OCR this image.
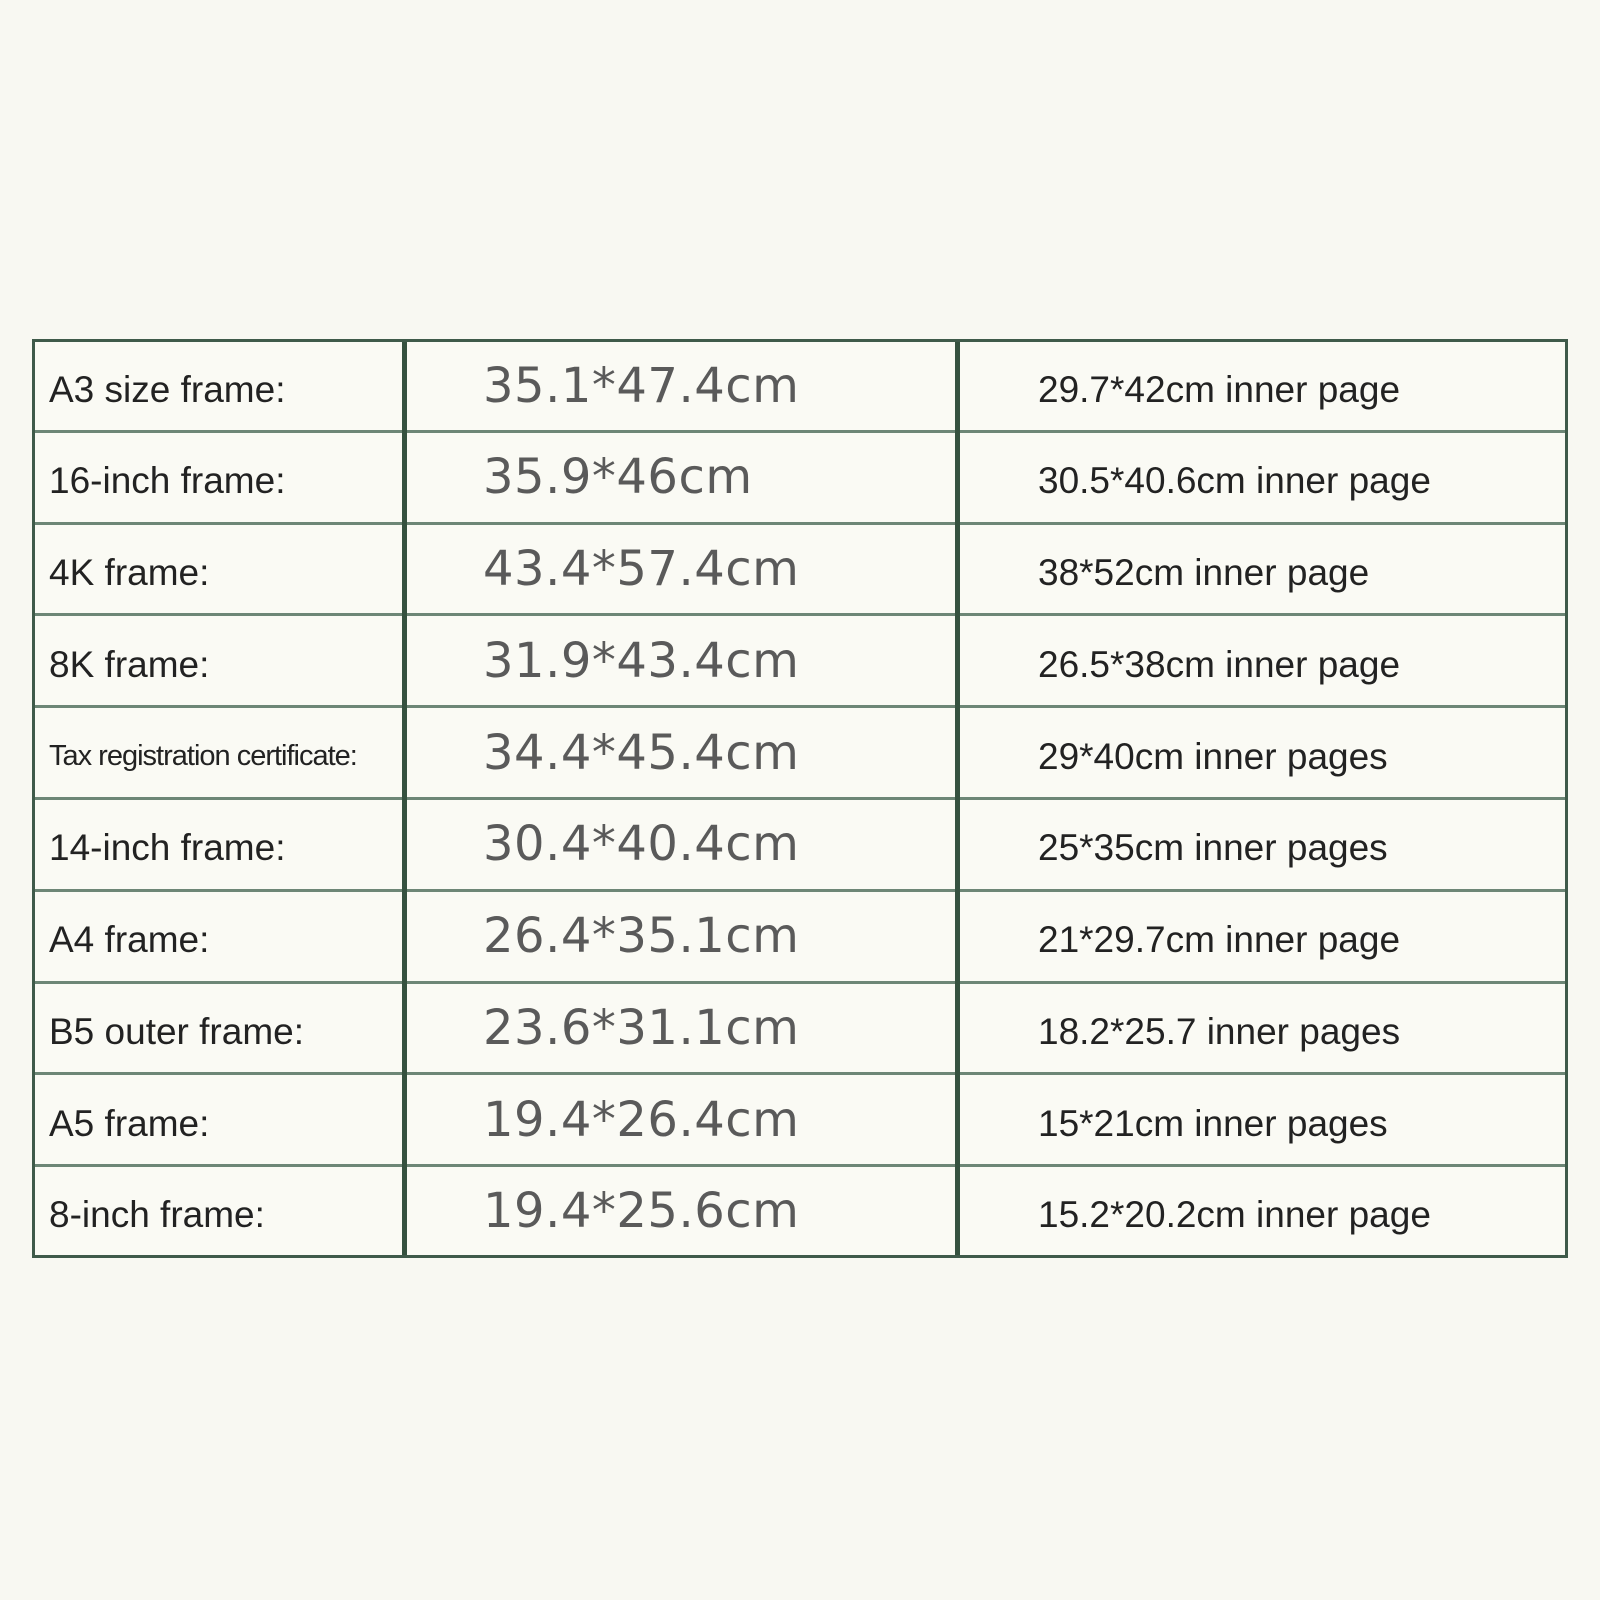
A3 size frame:	35.1*47.4cm	29.7*42cm inner page
16-inch frame:	35.9*46cm	30.5*40.6cm inner page
4K frame:	43.4*57.4cm	38*52cm inner page
8K frame:	31.9*43.4cm	26.5*38cm inner page
Tax registration certificate:	34.4*45.4cm	29*40cm inner pages
14-inch frame:	30.4*40.4cm	25*35cm inner pages
A4 frame:	26.4*35.1cm	21*29.7cm inner page
B5 outer frame:	23.6*31.1cm	18.2*25.7 inner pages
A5 frame:	19.4*26.4cm	15*21cm inner pages
8-inch frame:	19.4*25.6cm	15.2*20.2cm inner page
